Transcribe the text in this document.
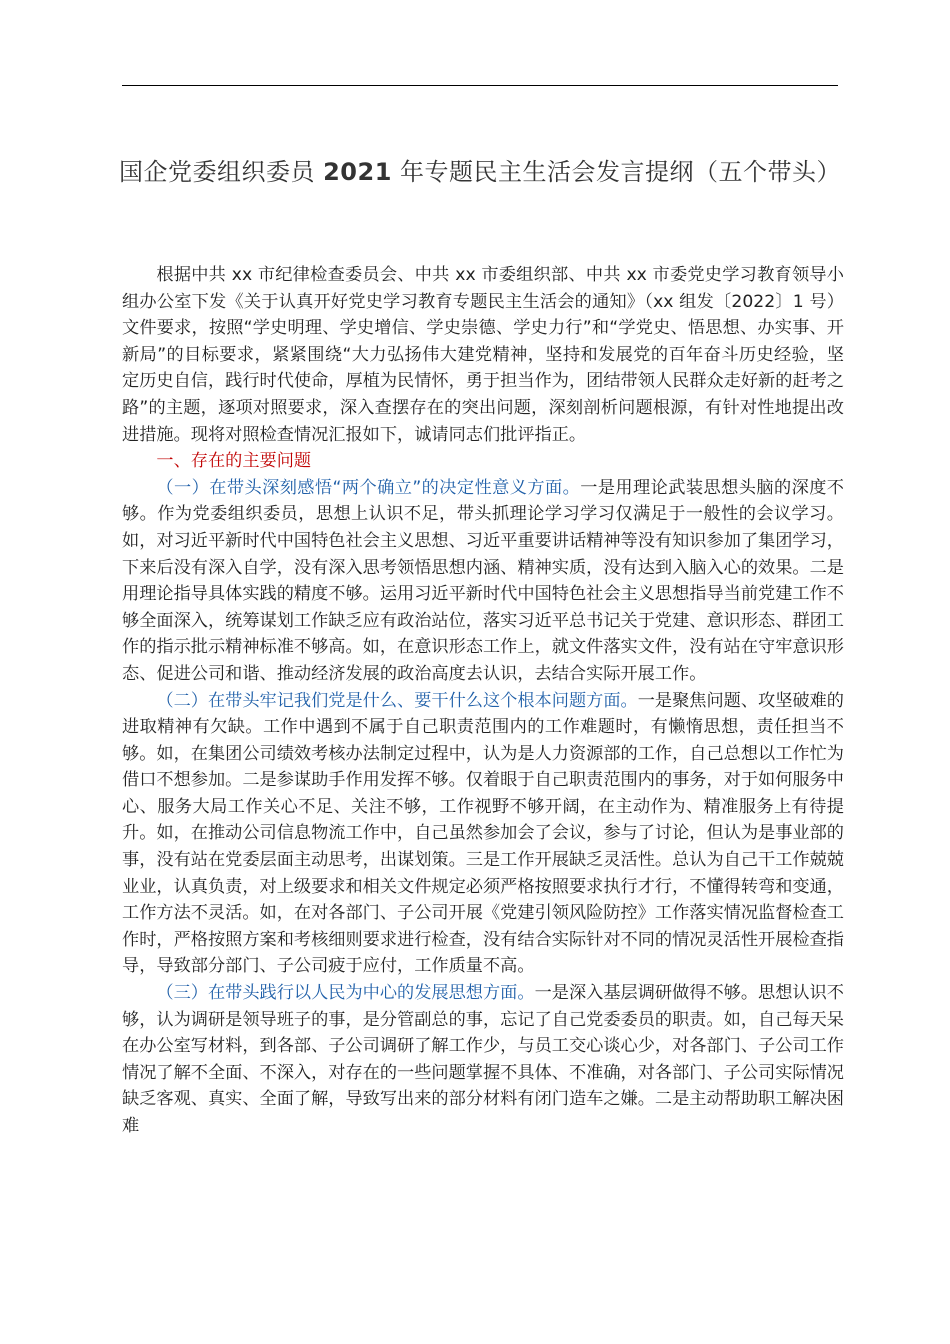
国企党委组织委员 2021 年专题民主生活会发言提纲（五个带头）

根据中共 xx 市纪律检查委员会、中共 xx 市委组织部、中共 xx 市委党史学习教育领导小组办公室下发《关于认真开好党史学习教育专题民主生活会的通知》（xx 组发〔2022〕1 号）文件要求，按照“学史明理、学史增信、学史崇德、学史力行”和“学党史、悟思想、办实事、开新局”的目标要求，紧紧围绕“大力弘扬伟大建党精神，坚持和发展党的百年奋斗历史经验，坚定历史自信，践行时代使命，厚植为民情怀，勇于担当作为，团结带领人民群众走好新的赶考之路”的主题，逐项对照要求，深入查摆存在的突出问题，深刻剖析问题根源，有针对性地提出改进措施。现将对照检查情况汇报如下，诚请同志们批评指正。

一、存在的主要问题

（一）在带头深刻感悟“两个确立”的决定性意义方面。一是用理论武装思想头脑的深度不够。作为党委组织委员，思想上认识不足，带头抓理论学习学习仅满足于一般性的会议学习。如，对习近平新时代中国特色社会主义思想、习近平重要讲话精神等没有知识参加了集团学习，下来后没有深入自学，没有深入思考领悟思想内涵、精神实质，没有达到入脑入心的效果。二是用理论指导具体实践的精度不够。运用习近平新时代中国特色社会主义思想指导当前党建工作不够全面深入，统筹谋划工作缺乏应有政治站位，落实习近平总书记关于党建、意识形态、群团工作的指示批示精神标准不够高。如，在意识形态工作上，就文件落实文件，没有站在守牢意识形态、促进公司和谐、推动经济发展的政治高度去认识，去结合实际开展工作。

（二）在带头牢记我们党是什么、要干什么这个根本问题方面。一是聚焦问题、攻坚破难的进取精神有欠缺。工作中遇到不属于自己职责范围内的工作难题时，有懒惰思想，责任担当不够。如，在集团公司绩效考核办法制定过程中，认为是人力资源部的工作，自己总想以工作忙为借口不想参加。二是参谋助手作用发挥不够。仅着眼于自己职责范围内的事务，对于如何服务中心、服务大局工作关心不足、关注不够，工作视野不够开阔，在主动作为、精准服务上有待提升。如，在推动公司信息物流工作中，自己虽然参加会了会议，参与了讨论，但认为是事业部的事，没有站在党委层面主动思考，出谋划策。三是工作开展缺乏灵活性。总认为自己干工作兢兢业业，认真负责，对上级要求和相关文件规定必须严格按照要求执行才行，不懂得转弯和变通，工作方法不灵活。如，在对各部门、子公司开展《党建引领风险防控》工作落实情况监督检查工作时，严格按照方案和考核细则要求进行检查，没有结合实际针对不同的情况灵活性开展检查指导，导致部分部门、子公司疲于应付，工作质量不高。

（三）在带头践行以人民为中心的发展思想方面。一是深入基层调研做得不够。思想认识不够，认为调研是领导班子的事，是分管副总的事，忘记了自己党委委员的职责。如，自己每天呆在办公室写材料，到各部、子公司调研了解工作少，与员工交心谈心少，对各部门、子公司工作情况了解不全面、不深入，对存在的一些问题掌握不具体、不准确，对各部门、子公司实际情况缺乏客观、真实、全面了解，导致写出来的部分材料有闭门造车之嫌。二是主动帮助职工解决困难
